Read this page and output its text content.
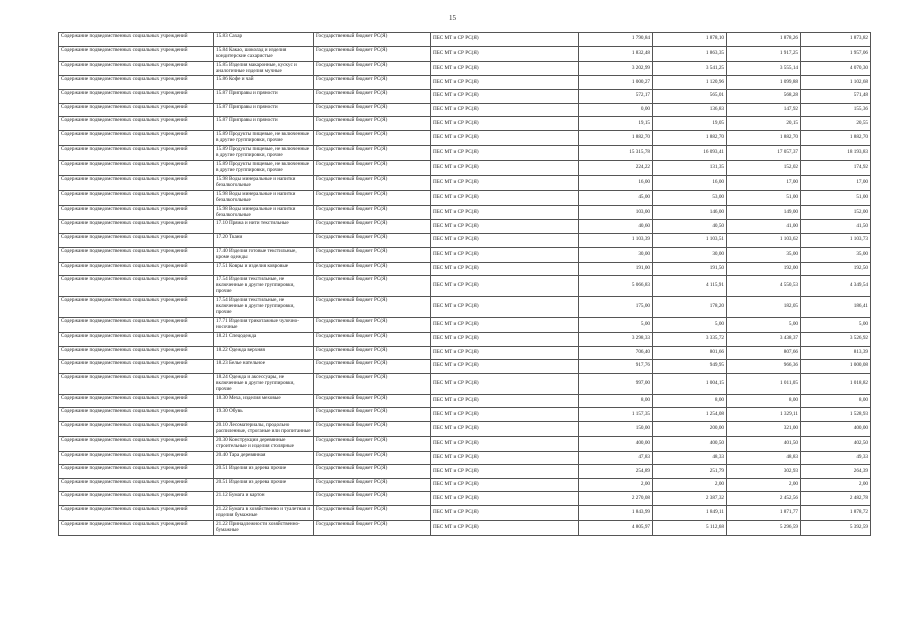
15
Содержание подведомственных социальных учреждений	15.83 Сахар	Государственный бюджет РС(Я)	ПБС МТ и СР РС(Я)	1 790,84	1 878,10	1 878,26	1 873,82
Содержание подведомственных социальных учреждений	15.84 Какао, шоколад и изделия кондитерские сахаристые	Государственный бюджет РС(Я)	ПБС МТ и СР РС(Я)	1 832,48	1 863,35	1 917,25	1 957,06
Содержание подведомственных социальных учреждений	15.85 Изделия макаронные, кускус и аналогичные изделия мучные	Государственный бюджет РС(Я)	ПБС МТ и СР РС(Я)	3 202,99	3 541,25	3 555,14	4 070,30
Содержание подведомственных социальных учреждений	15.86 Кофе и чай	Государственный бюджет РС(Я)	ПБС МТ и СР РС(Я)	1 000,27	1 120,96	1 099,88	1 102,68
Содержание подведомственных социальных учреждений	15.87 Приправы и пряности	Государственный бюджет РС(Я)	ПБС МТ и СР РС(Я)	572,17	565,01	568,28	571,48
Содержание подведомственных социальных учреждений	15.87 Приправы и пряности	Государственный бюджет РС(Я)	ПБС МТ и СР РС(Я)	0,00	136,83	147,92	155,36
Содержание подведомственных социальных учреждений	15.87 Приправы и пряности	Государственный бюджет РС(Я)	ПБС МТ и СР РС(Я)	19,15	19,05	20,15	20,55
Содержание подведомственных социальных учреждений	15.89 Продукты пищевые, не включенные в другие группировки, прочие	Государственный бюджет РС(Я)	ПБС МТ и СР РС(Я)	1 882,70	1 882,70	1 882,70	1 882,70
Содержание подведомственных социальных учреждений	15.89 Продукты пищевые, не включенные в другие группировки, прочие	Государственный бюджет РС(Я)	ПБС МТ и СР РС(Я)	15 315,78	16 093,41	17 057,37	18 193,83
Содержание подведомственных социальных учреждений	15.89 Продукты пищевые, не включенные в другие группировки, прочие	Государственный бюджет РС(Я)	ПБС МТ и СР РС(Я)	224,22	131,35	152,02	174,92
Содержание подведомственных социальных учреждений	15.98 Воды минеральные и напитки безалкогольные	Государственный бюджет РС(Я)	ПБС МТ и СР РС(Я)	16,00	16,00	17,00	17,00
Содержание подведомственных социальных учреждений	15.98 Воды минеральные и напитки безалкогольные	Государственный бюджет РС(Я)	ПБС МТ и СР РС(Я)	45,00	53,00	51,00	51,00
Содержание подведомственных социальных учреждений	15.98 Воды минеральные и напитки безалкогольные	Государственный бюджет РС(Я)	ПБС МТ и СР РС(Я)	103,00	146,00	149,00	152,00
Содержание подведомственных социальных учреждений	17.10 Пряжа и нити текстильные	Государственный бюджет РС(Я)	ПБС МТ и СР РС(Я)	40,60	40,50	41,00	41,50
Содержание подведомственных социальных учреждений	17.20 Ткани	Государственный бюджет РС(Я)	ПБС МТ и СР РС(Я)	1 103,39	1 103,51	1 103,62	1 103,73
Содержание подведомственных социальных учреждений	17.40 Изделия готовые текстильные, кроме одежды	Государственный бюджет РС(Я)	ПБС МТ и СР РС(Я)	30,00	30,00	35,00	35,00
Содержание подведомственных социальных учреждений	17.51 Ковры и изделия ковровые	Государственный бюджет РС(Я)	ПБС МТ и СР РС(Я)	191,00	191,50	192,00	192,50
Содержание подведомственных социальных учреждений	17.54 Изделия текстильные, не включенные в другие группировки, прочие	Государственный бюджет РС(Я)	ПБС МТ и СР РС(Я)	5 066,83	4 115,91	4 550,53	4 349,54
Содержание подведомственных социальных учреждений	17.54 Изделия текстильные, не включенные в другие группировки, прочие	Государственный бюджет РС(Я)	ПБС МТ и СР РС(Я)	175,00	178,20	182,05	186,41
Содержание подведомственных социальных учреждений	17.71 Изделия трикотажные чулочно-носочные	Государственный бюджет РС(Я)	ПБС МТ и СР РС(Я)	5,00	5,00	5,00	5,00
Содержание подведомственных социальных учреждений	18.21 Спецодежда	Государственный бюджет РС(Я)	ПБС МТ и СР РС(Я)	3 298,33	3 335,72	3 438,37	3 526,92
Содержание подведомственных социальных учреждений	18.22 Одежда верхняя	Государственный бюджет РС(Я)	ПБС МТ и СР РС(Я)	706,40	801,66	807,66	813,39
Содержание подведомственных социальных учреждений	18.23 Белье нательное	Государственный бюджет РС(Я)	ПБС МТ и СР РС(Я)	917,76	949,95	966,36	1 000,08
Содержание подведомственных социальных учреждений	18.24 Одежда и аксессуары, не включенные в другие группировки, прочие	Государственный бюджет РС(Я)	ПБС МТ и СР РС(Я)	997,00	1 004,15	1 011,05	1 018,82
Содержание подведомственных социальных учреждений	18.30 Меха, изделия меховые	Государственный бюджет РС(Я)	ПБС МТ и СР РС(Я)	8,00	8,00	8,00	8,00
Содержание подведомственных социальных учреждений	19.30 Обувь	Государственный бюджет РС(Я)	ПБС МТ и СР РС(Я)	1 157,35	1 254,08	1 329,11	1 528,93
Содержание подведомственных социальных учреждений	20.10 Лесоматериалы, продольно распиленные, строганые или пропитанные	Государственный бюджет РС(Я)	ПБС МТ и СР РС(Я)	150,00	200,00	321,00	400,00
Содержание подведомственных социальных учреждений	20.30 Конструкции деревянные строительные и изделия столярные	Государственный бюджет РС(Я)	ПБС МТ и СР РС(Я)	400,00	400,50	401,50	402,50
Содержание подведомственных социальных учреждений	20.40 Тара деревянная	Государственный бюджет РС(Я)	ПБС МТ и СР РС(Я)	47,83	48,33	48,83	49,33
Содержание подведомственных социальных учреждений	20.51 Изделия из дерева прочие	Государственный бюджет РС(Я)	ПБС МТ и СР РС(Я)	254,89	251,79	302,93	264,39
Содержание подведомственных социальных учреждений	20.51 Изделия из дерева прочие	Государственный бюджет РС(Я)	ПБС МТ и СР РС(Я)	2,00	2,00	2,00	2,00
Содержание подведомственных социальных учреждений	21.12 Бумага и картон	Государственный бюджет РС(Я)	ПБС МТ и СР РС(Я)	2 270,08	2 387,32	2 452,56	2 482,78
Содержание подведомственных социальных учреждений	21.22 Бумага в хозяйственно и туалетная и изделия бумажные	Государственный бюджет РС(Я)	ПБС МТ и СР РС(Я)	1 843,99	1 849,11	1 871,77	1 878,72
Содержание подведомственных социальных учреждений	21.22 Принадлежности хозяйственно-бумажные	Государственный бюджет РС(Я)	ПБС МТ и СР РС(Я)	4 805,97	5 112,68	5 296,59	5 392,59
